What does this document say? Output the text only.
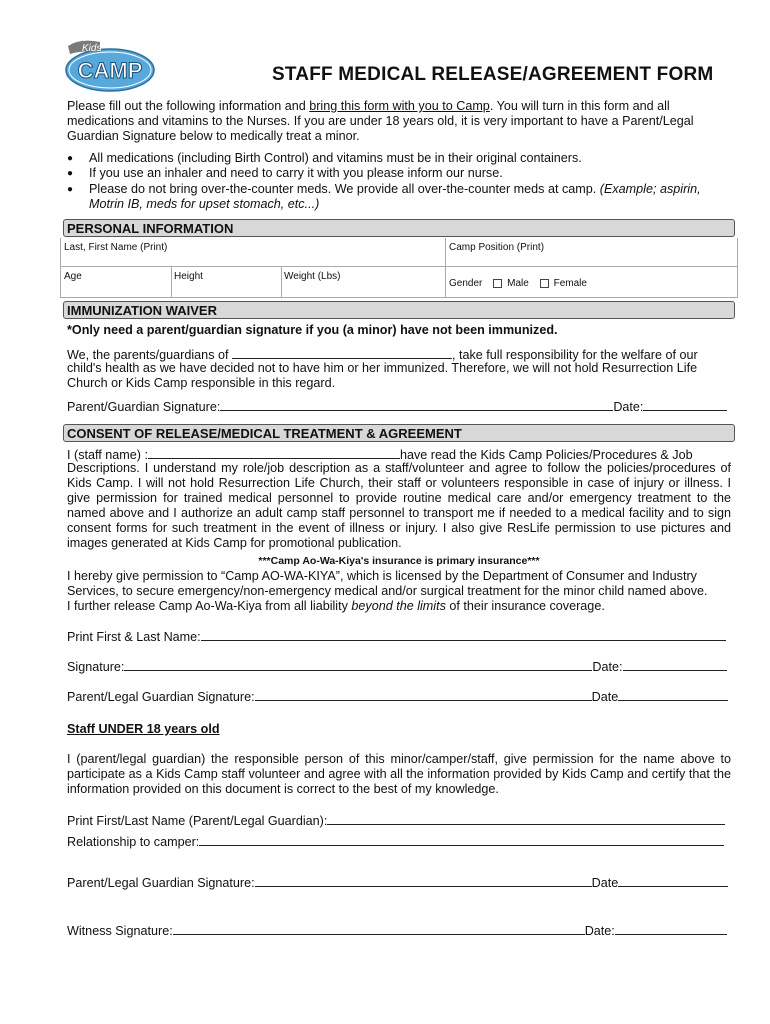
Kids'
CAMP	STAFF MEDICAL RELEASE/AGREEMENT FORM
Please fill out the following information and bring this form with you to Camp. You will turn in this form and all medications and vitamins to the Nurses. If you are under 18 years old, it is very important to have a Parent/Legal Guardian Signature below to medically treat a minor.
● All medications (including Birth Control) and vitamins must be in their original containers.
● If you use an inhaler and need to carry it with you please inform our nurse.
● Please do not bring over-the-counter meds. We provide all over-the-counter meds at camp. (Example; aspirin,
Motrin IB, meds for upset stomach, etc...)
PERSONAL INFORMATION
Last, First Name (Print)	Camp Position (Print)
Age	Height	Weight (Lbs)
Gender Male Female
IMMUNIZATION WAIVER
*Only need a parent/guardian signature if you (a minor) have not been immunized.
We, the parents/guardians of	, take full responsibility for the welfare of our
child's health as we have decided not to have him or her immunized. Therefore, we will not hold Resurrection Life
Church or Kids Camp responsible in this regard.
Parent/Guardian Signature:	Date:
CONSENT OF RELEASE/MEDICAL TREATMENT & AGREEMENT
I (staff name) :	have read the Kids Camp Policies/Procedures & Job
Descriptions. I understand my role/job description as a staff/volunteer and agree to follow the policies/procedures of Kids Camp. I will not hold Resurrection Life Church, their staff or volunteers responsible in case of injury or illness. I give permission for trained medical personnel to provide routine medical care and/or emergency treatment to the named above and I authorize an adult camp staff personnel to transport me if needed to a medical facility and to sign consent forms for such treatment in the event of illness or injury. I also give ResLife permission to use pictures and images generated at Kids Camp for promotional publication.
***Camp Ao-Wa-Kiya's insurance is primary insurance***
I hereby give permission to “Camp AO-WA-KIYA”, which is licensed by the Department of Consumer and Industry
Services, to secure emergency/non-emergency medical and/or surgical treatment for the minor child named above.
I further release Camp Ao-Wa-Kiya from all liability beyond the limits of their insurance coverage.
Print First & Last Name:
Signature:	Date:
Parent/Legal Guardian Signature:	Date
Staff UNDER 18 years old
I (parent/legal guardian) the responsible person of this minor/camper/staff, give permission for the name above to participate as a Kids Camp staff volunteer and agree with all the information provided by Kids Camp and certify that the information provided on this document is correct to the best of my knowledge.
Print First/Last Name (Parent/Legal Guardian):
Relationship to camper:
Parent/Legal Guardian Signature:	Date
Witness Signature:	Date:
